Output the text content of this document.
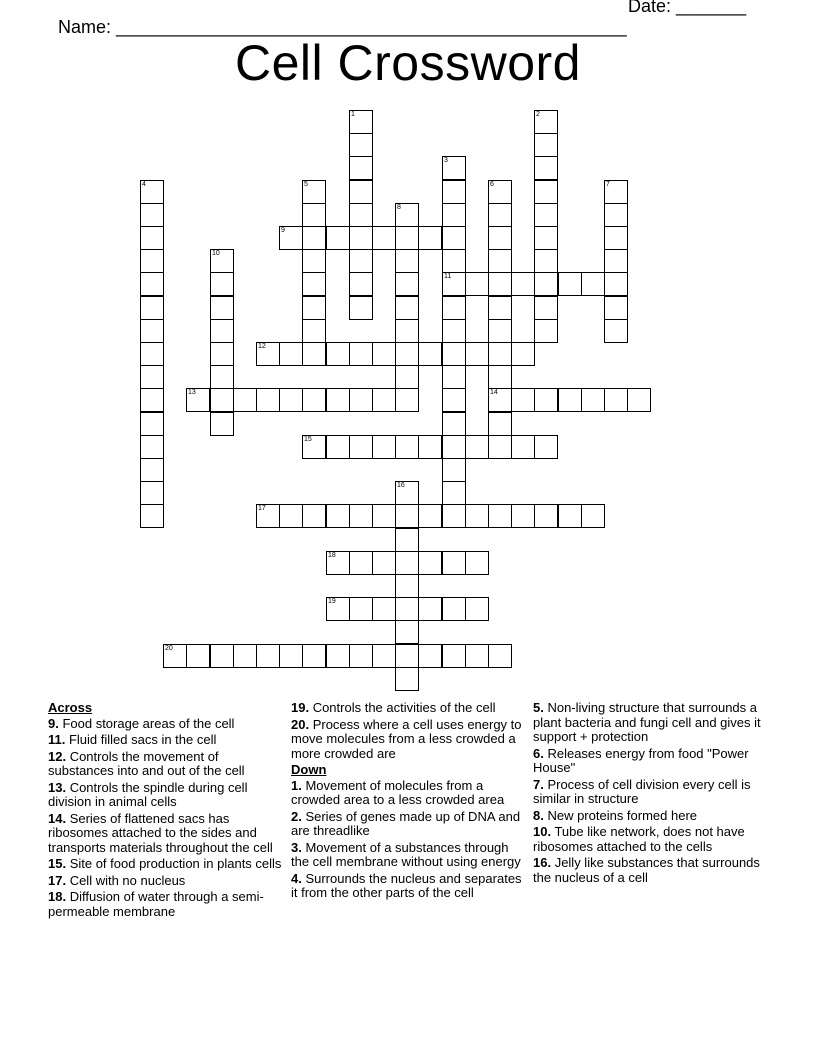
Name: ___________________________________________________

Date: _______

Cell Crossword
1	2
3
11
4	5	6
14
7
8
9
10
12
13
15
16
17
18
19
20
Across
9. Food storage areas of the cell
11. Fluid filled sacs in the cell
12. Controls the movement of substances into and out of the cell
13. Controls the spindle during cell division in animal cells
14. Series of flattened sacs has ribosomes attached to the sides and transports materials throughout the cell
15. Site of food production in plants cells
17. Cell with no nucleus
18. Diffusion of water through a semi-permeable membrane
19. Controls the activities of the cell
20. Process where a cell uses energy to move molecules from a less crowded a more crowded are
Down
1. Movement of molecules from a crowded area to a less crowded area
2. Series of genes made up of DNA and are threadlike
3. Movement of a substances through the cell membrane without using energy
4. Surrounds the nucleus and separates it from the other parts of the cell
5. Non-living structure that surrounds a plant bacteria and fungi cell and gives it support + protection
6. Releases energy from food "Power House"
7. Process of cell division every cell is similar in structure
8. New proteins formed here
10. Tube like network, does not have ribosomes attached to the cells
16. Jelly like substances that surrounds the nucleus of a cell
